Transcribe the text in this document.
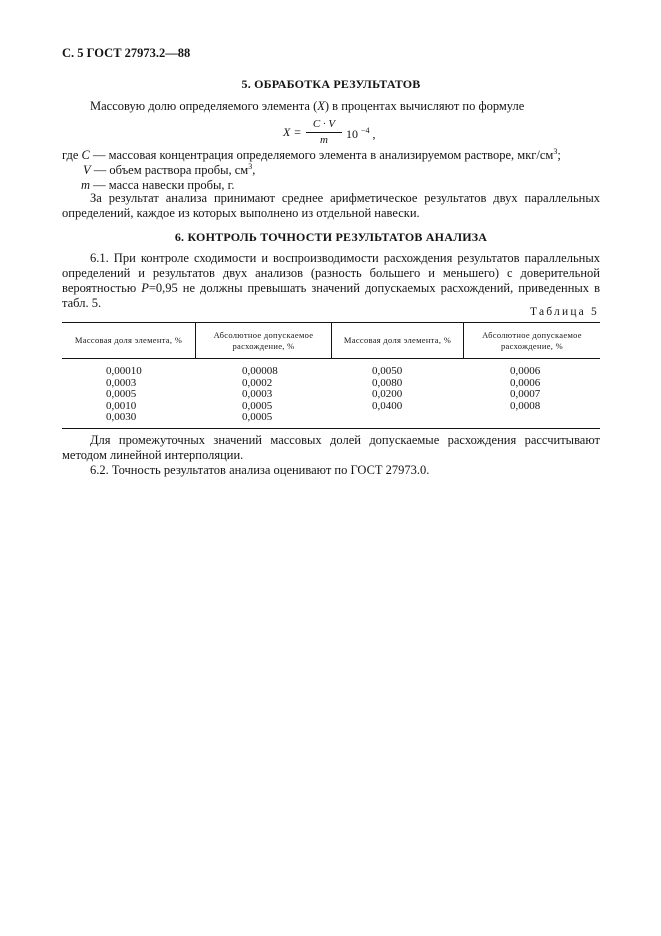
С. 5 ГОСТ 27973.2—88
5. ОБРАБОТКА РЕЗУЛЬТАТОВ
Массовую долю определяемого элемента (X) в процентах вычисляют по формуле
X =
C · V
m	10 $^{-4}$ ,
где C — массовая концентрация определяемого элемента в анализируемом растворе, мкг/$см^3$;
V — объем раствора пробы, $см^3$,
m — масса навески пробы, г.
За результат анализа принимают среднее арифметическое результатов двух параллельных определений, каждое из которых выполнено из отдельной навески.
6. КОНТРОЛЬ ТОЧНОСТИ РЕЗУЛЬТАТОВ АНАЛИЗА
6.1. При контроле сходимости и воспроизводимости расхождения результатов параллельных определений и результатов двух анализов (разность большего и меньшего) с доверительной вероятностью P=0,95 не должны превышать значений допускаемых расхождений, приведенных в табл. 5.
Таблица 5
Массовая доля элемента, %
Абсолютное допускаемое расхождение, %
Массовая доля элемента, %
Абсолютное допускаемое расхождение, %
0,00010
0,0003
0,0005
0,0010
0,0030
0,00008
0,0002
0,0003
0,0005
0,0005
0,0050
0,0080
0,0200
0,0400
0,0006
0,0006
0,0007
0,0008
Для промежуточных значений массовых долей допускаемые расхождения рассчитывают методом линейной интерполяции.
6.2. Точность результатов анализа оценивают по ГОСТ 27973.0.
